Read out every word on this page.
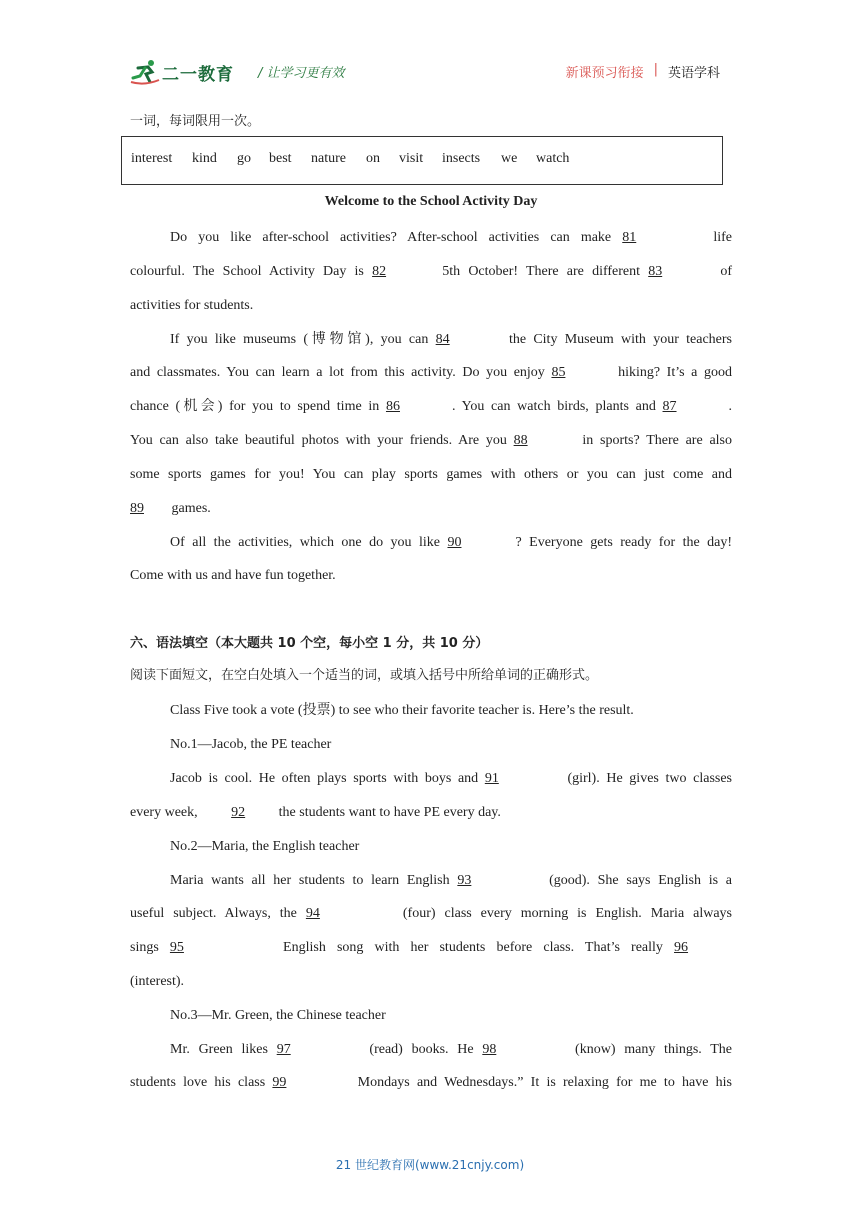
二一教育 / 让学习更有效	新课预习衔接 | 英语学科
一词，每词限用一次。
interest kind go best nature on visit insects we watch
Welcome to the School Activity Day
Do you like after-school activities? After-school activities can make 81	life
colourful. The School Activity Day is 82	5th October! There are different 83	of
activities for students.
If you like museums (博物馆), you can 84	the City Museum with your teachers
and classmates. You can learn a lot from this activity. Do you enjoy 85	hiking? It’s a good
chance (机会) for you to spend time in 86	. You can watch birds, plants and 87	.
You can also take beautiful photos with your friends. Are you 88	in sports? There are also
some sports games for you! You can play sports games with others or you can just come and
89 games.
Of all the activities, which one do you like 90	? Everyone gets ready for the day!
Come with us and have fun together.
六、语法填空（本大题共 10 个空，每小空 1 分，共 10 分）
阅读下面短文，在空白处填入一个适当的词，或填入括号中所给单词的正确形式。
Class Five took a vote (投票) to see who their favorite teacher is. Here’s the result.
No.1—Jacob, the PE teacher
Jacob is cool. He often plays sports with boys and 91	(girl). He gives two classes
every week, 92 the students want to have PE every day.
No.2—Maria, the English teacher
Maria wants all her students to learn English 93	(good). She says English is a
useful subject. Always, the 94	(four) class every morning is English. Maria always
sings 95	English song with her students before class. That’s really 96
(interest).
No.3—Mr. Green, the Chinese teacher
Mr. Green likes 97	(read) books. He 98	(know) many things. The
students love his class 99	Mondays and Wednesdays.” It is relaxing for me to have his
21 世纪教育网(www.21cnjy.com)
